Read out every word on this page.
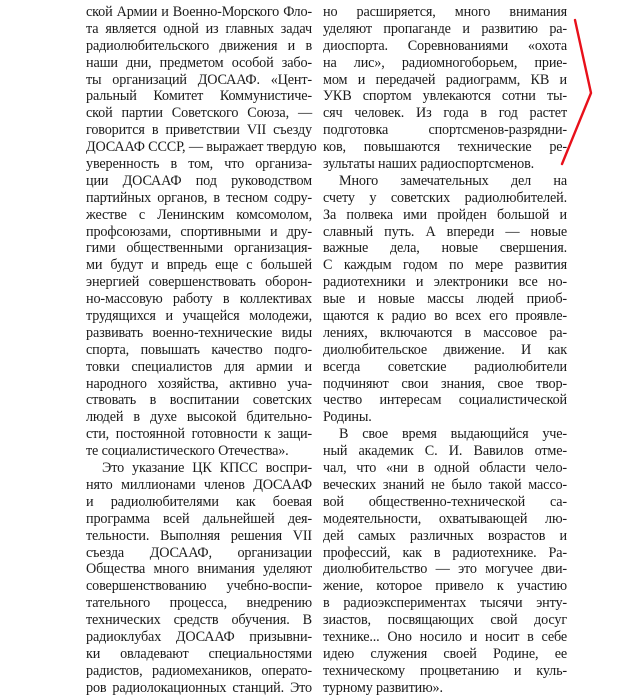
ской Армии и Военно-Морского Фло-
та является одной из главных задач
радиолюбительского движения и в
наши дни, предметом особой забо-
ты организаций ДОСААФ. «Цент-
ральный Комитет Коммунистиче-
ской партии Советского Союза, —
говорится в приветствии VII съезду
ДОСААФ СССР, — выражает твердую
уверенность в том, что организа-
ции ДОСААФ под руководством
партийных органов, в тесном содру-
жестве с Ленинским комсомолом,
профсоюзами, спортивными и дру-
гими общественными организация-
ми будут и впредь еще с большей
энергией совершенствовать оборон-
но-массовую работу в коллективах
трудящихся и учащейся молодежи,
развивать военно-технические виды
спорта, повышать качество подго-
товки специалистов для армии и
народного хозяйства, активно уча-
ствовать в воспитании советских
людей в духе высокой бдительно-
сти, постоянной готовности к защи-
те социалистического Отечества».
Это указание ЦК КПСС воспри-
нято миллионами членов ДОСААФ
и радиолюбителями как боевая
программа всей дальнейшей дея-
тельности. Выполняя решения VII
съезда ДОСААФ, организации
Общества много внимания уделяют
совершенствованию учебно-воспи-
тательного процесса, внедрению
технических средств обучения. В
радиоклубах ДОСААФ призывни-
ки овладевают специальностями
радистов, радиомехаников, операто-
ров радиолокационных станций. Это
но расширяется, много внимания
уделяют пропаганде и развитию ра-
диоспорта. Соревнованиями «охота
на лис», радиомногоборьем, прие-
мом и передачей радиограмм, КВ и
УКВ спортом увлекаются сотни ты-
сяч человек. Из года в год растет
подготовка спортсменов-разрядни-
ков, повышаются технические ре-
зультаты наших радиоспортсменов.
Много замечательных дел на
счету у советских радиолюбителей.
За полвека ими пройден большой и
славный путь. А впереди — новые
важные дела, новые свершения.
С каждым годом по мере развития
радиотехники и электроники все но-
вые и новые массы людей приоб-
щаются к радио во всех его проявле-
лениях, включаются в массовое ра-
диолюбительское движение. И как
всегда советские радиолюбители
подчиняют свои знания, свое твор-
чество интересам социалистической
Родины.
В свое время выдающийся уче-
ный академик С. И. Вавилов отме-
чал, что «ни в одной области чело-
веческих знаний не было такой массо-
вой общественно-технической са-
модеятельности, охватывающей лю-
дей самых различных возрастов и
профессий, как в радиотехнике. Ра-
диолюбительство — это могучее дви-
жение, которое привело к участию
в радиоэкспериментах тысячи энту-
зиастов, посвящающих свой досуг
технике... Оно носило и носит в себе
идею служения своей Родине, ее
техническому процветанию и куль-
турному развитию».
